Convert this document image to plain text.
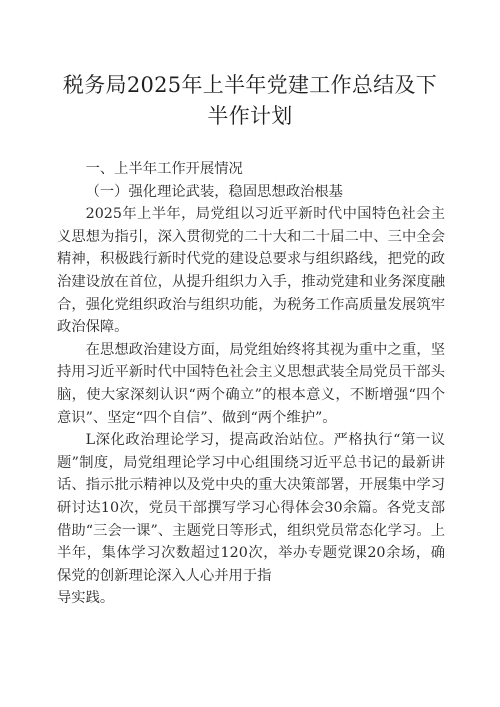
税务局2025年上半年党建工作总结及下半作计划

一、上半年工作开展情况

（一）强化理论武装，稳固思想政治根基

2025年上半年，局党组以习近平新时代中国特色社会主义思想为指引，深入贯彻党的二十大和二十届二中、三中全会精神，积极践行新时代党的建设总要求与组织路线，把党的政治建设放在首位，从提升组织力入手，推动党建和业务深度融合，强化党组织政治与组织功能，为税务工作高质量发展筑牢政治保障。

在思想政治建设方面，局党组始终将其视为重中之重，坚持用习近平新时代中国特色社会主义思想武装全局党员干部头脑，使大家深刻认识“两个确立”的根本意义，不断增强“四个意识”、坚定“四个自信”、做到“两个维护”。

L深化政治理论学习，提高政治站位。严格执行“第一议题”制度，局党组理论学习中心组围绕习近平总书记的最新讲话、指示批示精神以及党中央的重大决策部署，开展集中学习研讨达10次，党员干部撰写学习心得体会30余篇。各党支部借助“三会一课”、主题党日等形式，组织党员常态化学习。上半年，集体学习次数超过120次，举办专题党课20余场，确保党的创新理论深入人心并用于指

导实践。
